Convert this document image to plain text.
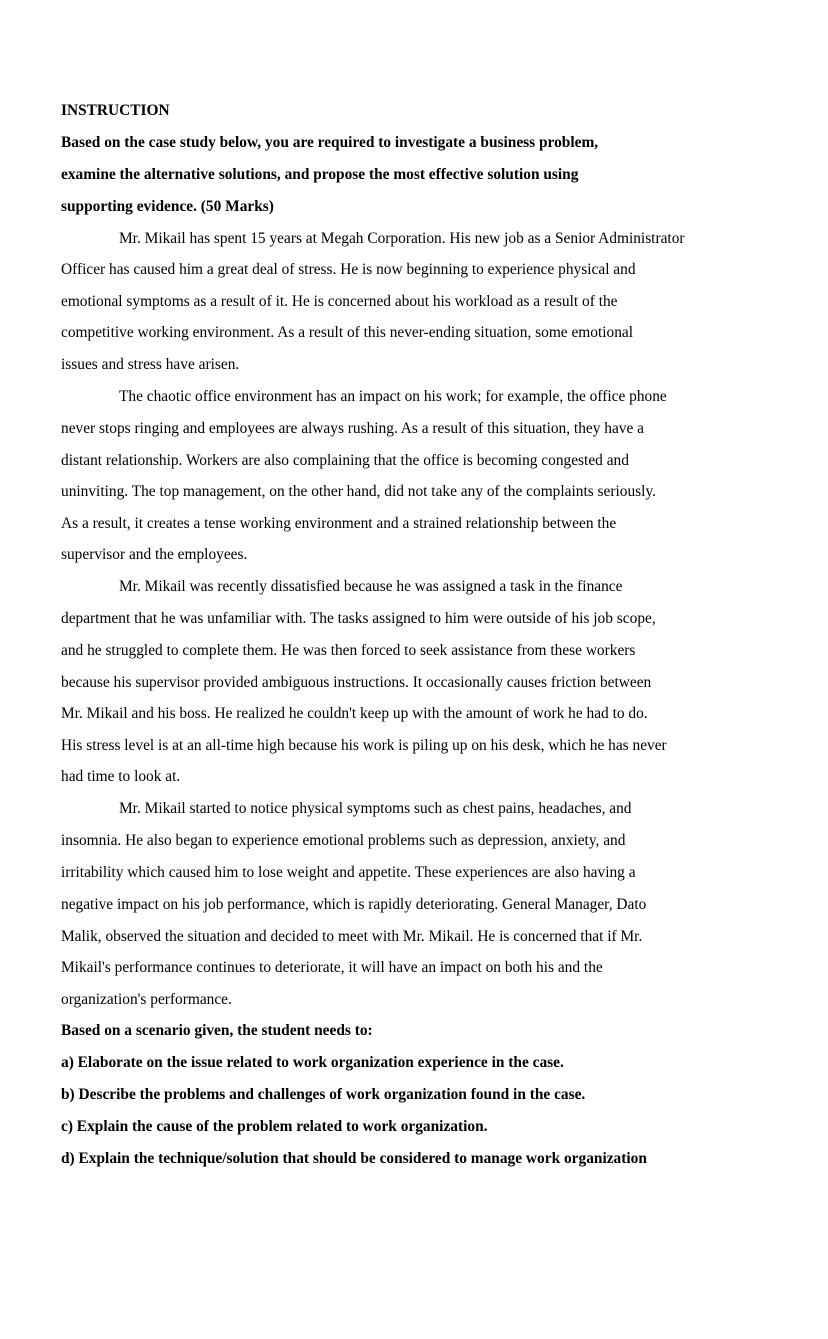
INSTRUCTION
Based on the case study below, you are required to investigate a business problem,
examine the alternative solutions, and propose the most effective solution using
supporting evidence. (50 Marks)
Mr. Mikail has spent 15 years at Megah Corporation. His new job as a Senior Administrator
Officer has caused him a great deal of stress. He is now beginning to experience physical and
emotional symptoms as a result of it. He is concerned about his workload as a result of the
competitive working environment. As a result of this never-ending situation, some emotional
issues and stress have arisen.
The chaotic office environment has an impact on his work; for example, the office phone
never stops ringing and employees are always rushing. As a result of this situation, they have a
distant relationship. Workers are also complaining that the office is becoming congested and
uninviting. The top management, on the other hand, did not take any of the complaints seriously.
As a result, it creates a tense working environment and a strained relationship between the
supervisor and the employees.
Mr. Mikail was recently dissatisfied because he was assigned a task in the finance
department that he was unfamiliar with. The tasks assigned to him were outside of his job scope,
and he struggled to complete them. He was then forced to seek assistance from these workers
because his supervisor provided ambiguous instructions. It occasionally causes friction between
Mr. Mikail and his boss. He realized he couldn't keep up with the amount of work he had to do.
His stress level is at an all-time high because his work is piling up on his desk, which he has never
had time to look at.
Mr. Mikail started to notice physical symptoms such as chest pains, headaches, and
insomnia. He also began to experience emotional problems such as depression, anxiety, and
irritability which caused him to lose weight and appetite. These experiences are also having a
negative impact on his job performance, which is rapidly deteriorating. General Manager, Dato
Malik, observed the situation and decided to meet with Mr. Mikail. He is concerned that if Mr.
Mikail's performance continues to deteriorate, it will have an impact on both his and the
organization's performance.
Based on a scenario given, the student needs to:
a) Elaborate on the issue related to work organization experience in the case.
b) Describe the problems and challenges of work organization found in the case.
c) Explain the cause of the problem related to work organization.
d) Explain the technique/solution that should be considered to manage work organization
